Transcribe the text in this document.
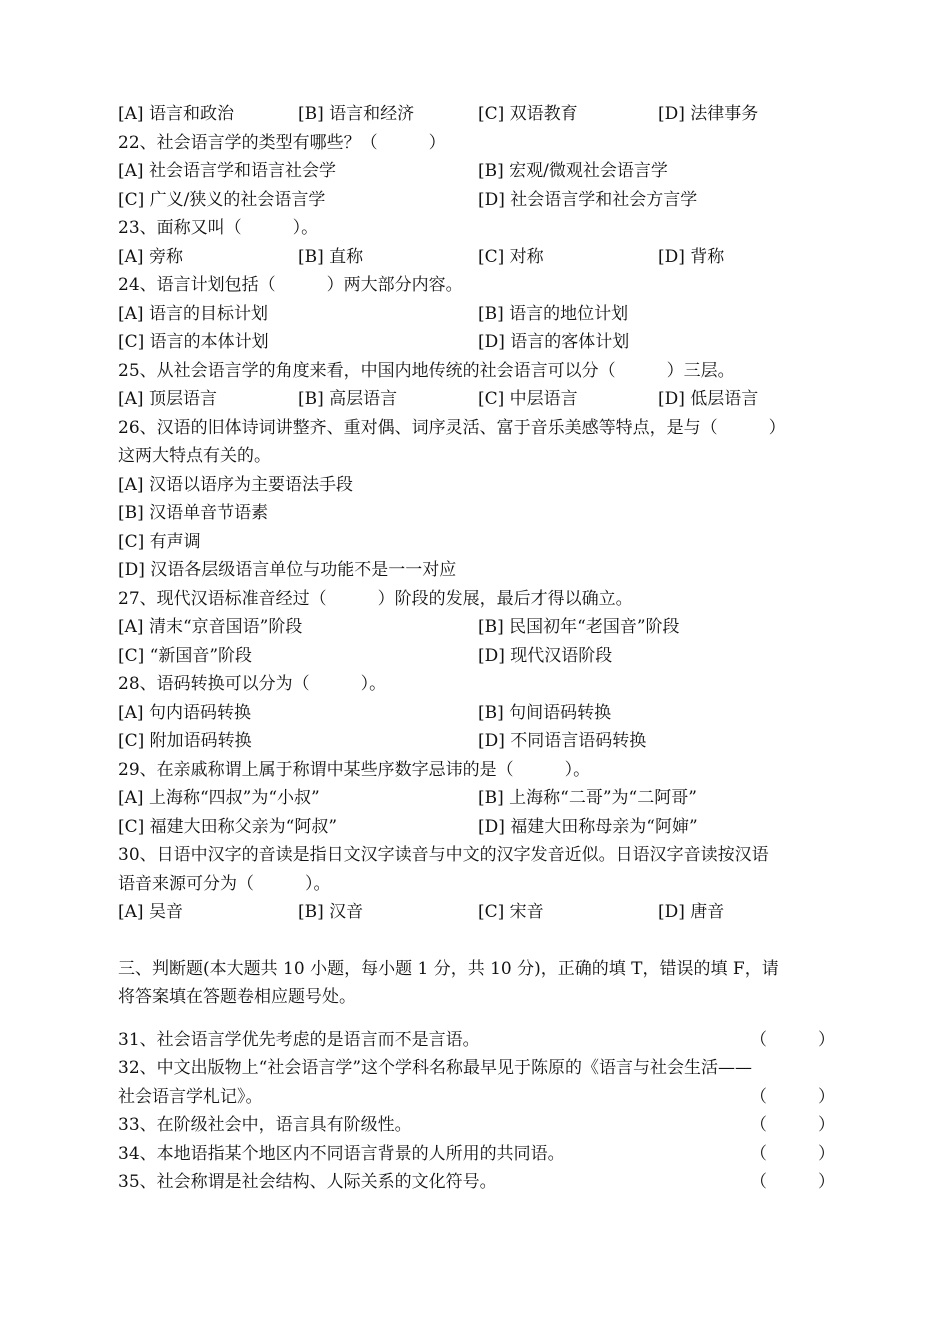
[A] 语言和政治	[B] 语言和经济	[C] 双语教育	[D] 法律事务
22、社会语言学的类型有哪些？（　　　）
[A] 社会语言学和语言社会学	[B] 宏观/微观社会语言学
[C] 广义/狭义的社会语言学	[D] 社会语言学和社会方言学
23、面称又叫（　　　）。
[A] 旁称	[B] 直称	[C] 对称	[D] 背称
24、语言计划包括（　　　）两大部分内容。
[A] 语言的目标计划	[B] 语言的地位计划
[C] 语言的本体计划	[D] 语言的客体计划
25、从社会语言学的角度来看，中国内地传统的社会语言可以分（　　　）三层。
[A] 顶层语言	[B] 高层语言	[C] 中层语言	[D] 低层语言
26、汉语的旧体诗词讲整齐、重对偶、词序灵活、富于音乐美感等特点，是与（　　　）
这两大特点有关的。
[A] 汉语以语序为主要语法手段
[B] 汉语单音节语素
[C] 有声调
[D] 汉语各层级语言单位与功能不是一一对应
27、现代汉语标准音经过（　　　）阶段的发展，最后才得以确立。
[A] 清末“京音国语”阶段	[B] 民国初年“老国音”阶段
[C] “新国音”阶段	[D] 现代汉语阶段
28、语码转换可以分为（　　　）。
[A] 句内语码转换	[B] 句间语码转换
[C] 附加语码转换	[D] 不同语言语码转换
29、在亲戚称谓上属于称谓中某些序数字忌讳的是（　　　）。
[A] 上海称“四叔”为“小叔”	[B] 上海称“二哥”为“二阿哥”
[C] 福建大田称父亲为“阿叔”	[D] 福建大田称母亲为“阿婶”
30、日语中汉字的音读是指日文汉字读音与中文的汉字发音近似。日语汉字音读按汉语
语音来源可分为（　　　）。
[A] 吴音	[B] 汉音	[C] 宋音	[D] 唐音
三、判断题(本大题共 10 小题，每小题 1 分，共 10 分)，正确的填 T，错误的填 F，请
将答案填在答题卷相应题号处。
31、社会语言学优先考虑的是语言而不是言语。	（　　　）
32、中文出版物上“社会语言学”这个学科名称最早见于陈原的《语言与社会生活——
社会语言学札记》。	（　　　）
33、在阶级社会中，语言具有阶级性。	（　　　）
34、本地语指某个地区内不同语言背景的人所用的共同语。	（　　　）
35、社会称谓是社会结构、人际关系的文化符号。	（　　　）
